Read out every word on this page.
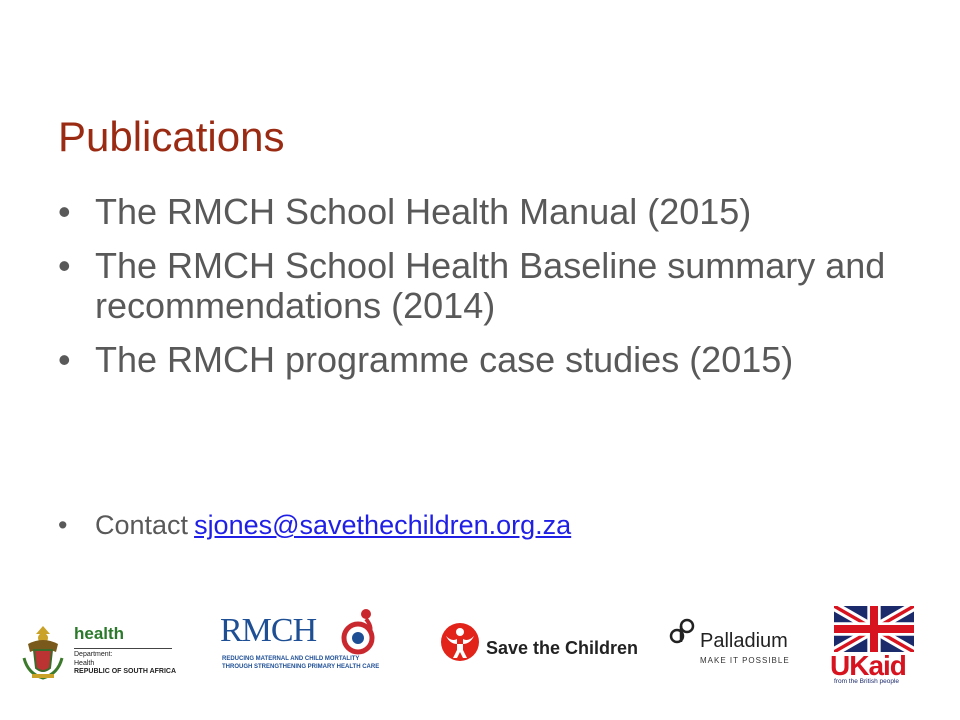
Publications
• The RMCH School Health Manual (2015)
• The RMCH School Health Baseline summary and recommendations (2014)
• The RMCH programme case studies (2015)
• Contact sjones@savethechildren.org.za
health
Department:
Health
REPUBLIC OF SOUTH AFRICA
RMCH
REDUCING MATERNAL AND CHILD MORTALITY
THROUGH STRENGTHENING PRIMARY HEALTH CARE
Save the Children	Palladium
MAKE IT POSSIBLE UKaid
from the British people
